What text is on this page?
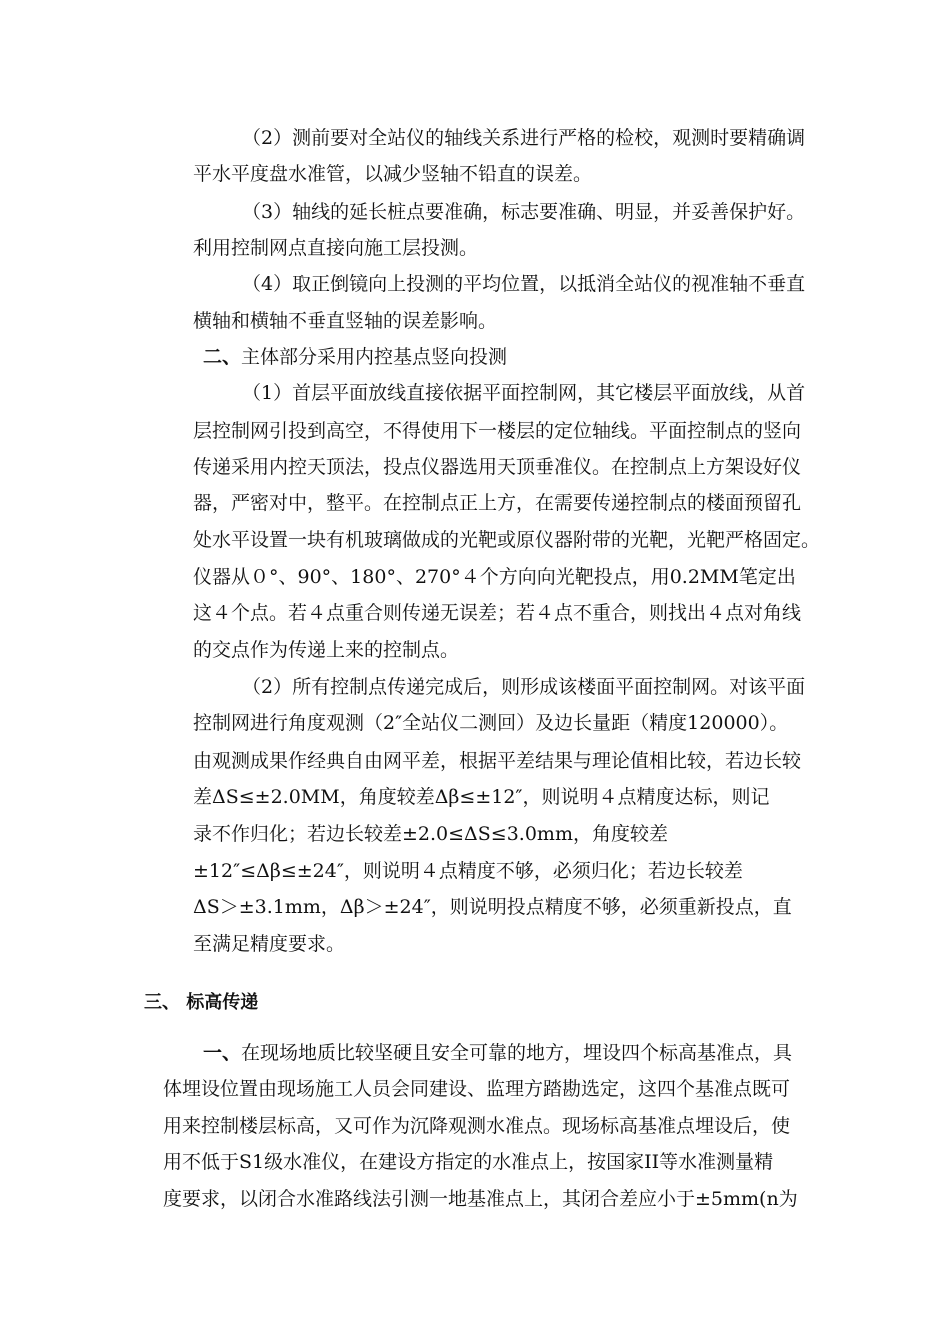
（2）测前要对全站仪的轴线关系进行严格的检校，观测时要精确调
平水平度盘水准管，以减少竖轴不铅直的误差。
（3）轴线的延长桩点要准确，标志要准确、明显，并妥善保护好。
利用控制网点直接向施工层投测。
（4）取正倒镜向上投测的平均位置，以抵消全站仪的视准轴不垂直
横轴和横轴不垂直竖轴的误差影响。
二、主体部分采用内控基点竖向投测
（1）首层平面放线直接依据平面控制网，其它楼层平面放线，从首
层控制网引投到高空，不得使用下一楼层的定位轴线。平面控制点的竖向
传递采用内控天顶法，投点仪器选用天顶垂准仪。在控制点上方架设好仪
器，严密对中，整平。在控制点正上方，在需要传递控制点的楼面预留孔
处水平设置一块有机玻璃做成的光靶或原仪器附带的光靶，光靶严格固定。
仪器从０°、90°、180°、270°４个方向向光靶投点，用0.2MM笔定出
这４个点。若４点重合则传递无误差；若４点不重合，则找出４点对角线
的交点作为传递上来的控制点。
（2）所有控制点传递完成后，则形成该楼面平面控制网。对该平面
控制网进行角度观测（2″全站仪二测回）及边长量距（精度120000）。
由观测成果作经典自由网平差，根据平差结果与理论值相比较，若边长较
差ΔS≤±2.0MM，角度较差Δβ≤±12″，则说明４点精度达标，则记
录不作归化；若边长较差±2.0≤ΔS≤3.0mm，角度较差
±12″≤Δβ≤±24″，则说明４点精度不够，必须归化；若边长较差
ΔS＞±3.1mm，Δβ＞±24″，则说明投点精度不够，必须重新投点，直
至满足精度要求。
三、 标高传递
一、在现场地质比较坚硬且安全可靠的地方，埋设四个标高基准点，具
体埋设位置由现场施工人员会同建设、监理方踏勘选定，这四个基准点既可
用来控制楼层标高，又可作为沉降观测水准点。现场标高基准点埋设后，使
用不低于S1级水准仪，在建设方指定的水准点上，按国家II等水准测量精
度要求，以闭合水准路线法引测一地基准点上，其闭合差应小于±5mm(n为
